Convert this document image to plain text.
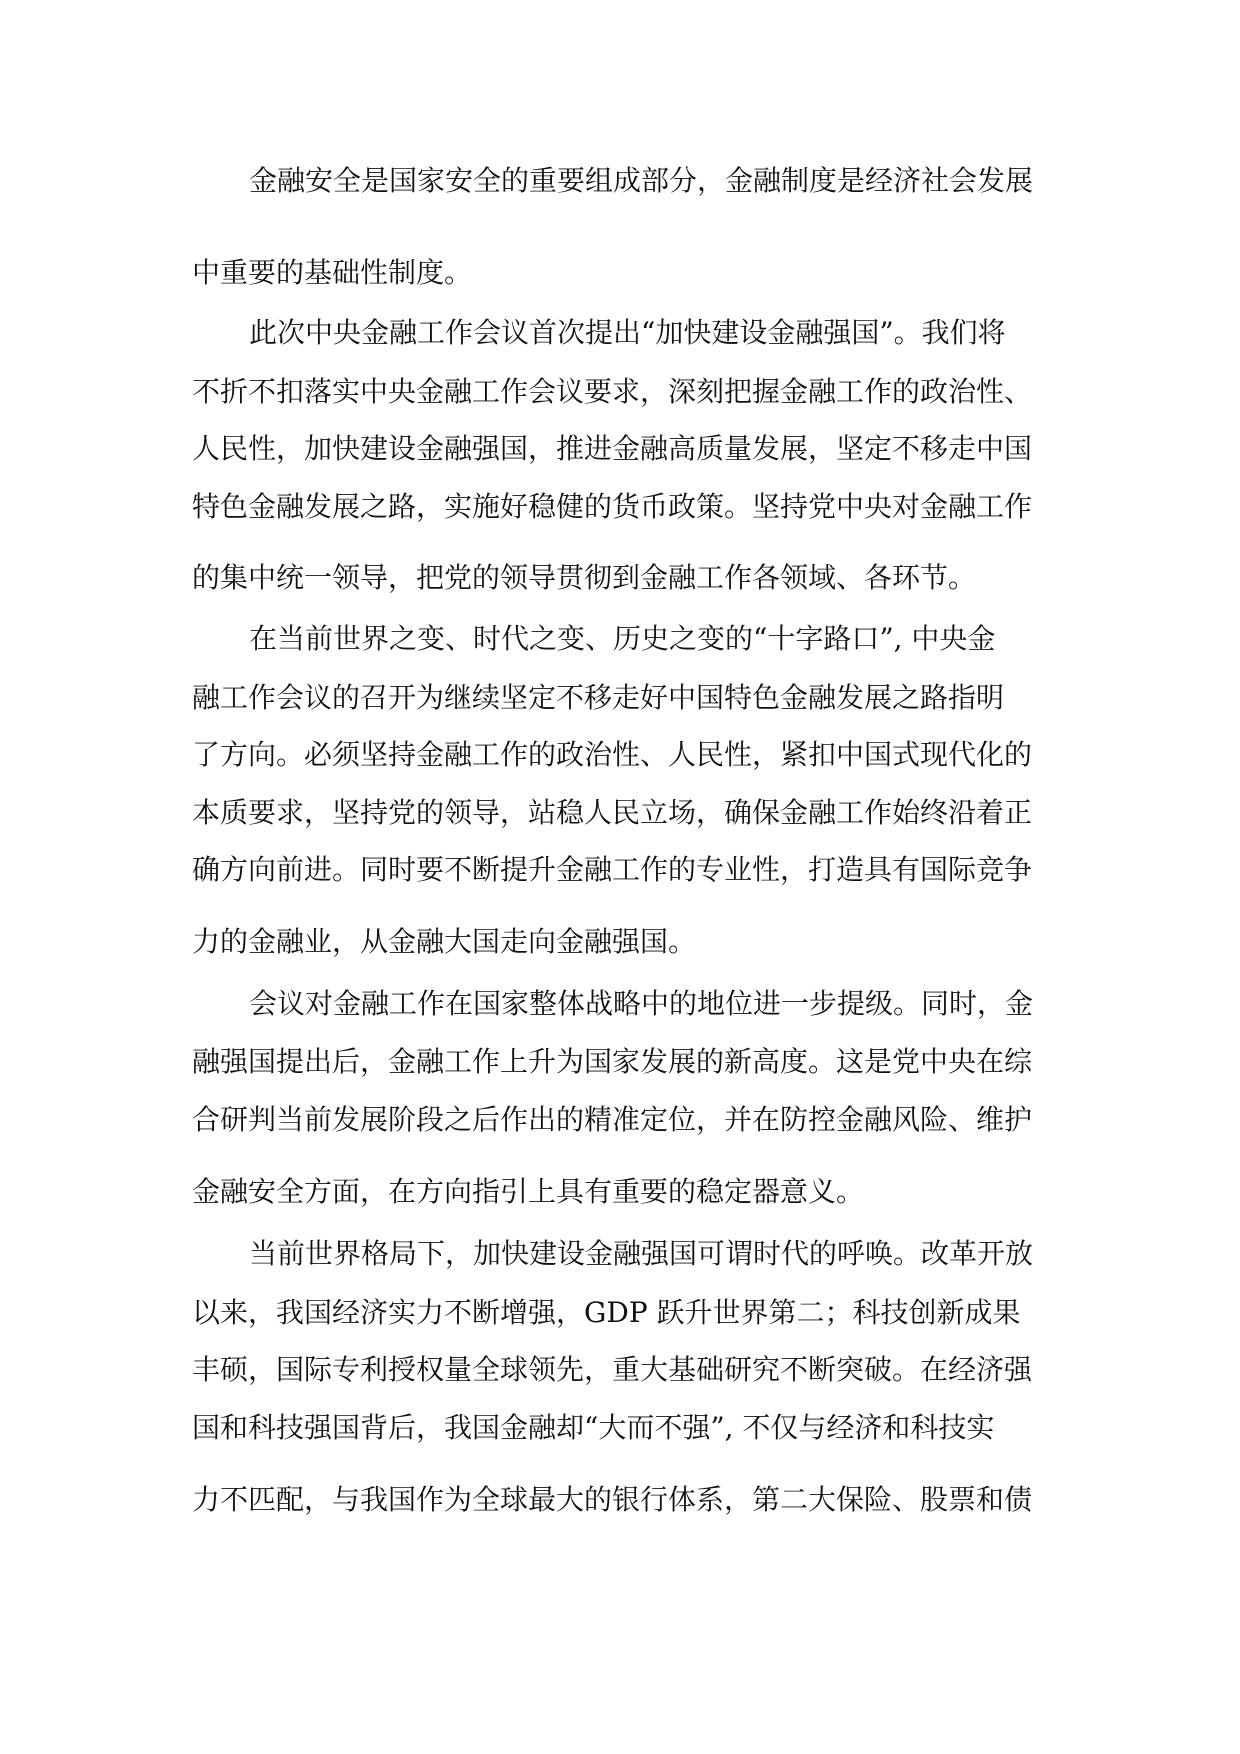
金融安全是国家安全的重要组成部分，金融制度是经济社会发展

中重要的基础性制度。

此次中央金融工作会议首次提出“加快建设金融强国”。我们将

不折不扣落实中央金融工作会议要求，深刻把握金融工作的政治性、

人民性，加快建设金融强国，推进金融高质量发展，坚定不移走中国

特色金融发展之路，实施好稳健的货币政策。坚持党中央对金融工作

的集中统一领导，把党的领导贯彻到金融工作各领域、各环节。

在当前世界之变、时代之变、历史之变的“十字路口”, 中央金

融工作会议的召开为继续坚定不移走好中国特色金融发展之路指明

了方向。必须坚持金融工作的政治性、人民性，紧扣中国式现代化的

本质要求，坚持党的领导，站稳人民立场，确保金融工作始终沿着正

确方向前进。同时要不断提升金融工作的专业性，打造具有国际竞争

力的金融业，从金融大国走向金融强国。

会议对金融工作在国家整体战略中的地位进一步提级。同时，金

融强国提出后，金融工作上升为国家发展的新高度。这是党中央在综

合研判当前发展阶段之后作出的精准定位，并在防控金融风险、维护

金融安全方面，在方向指引上具有重要的稳定器意义。

当前世界格局下，加快建设金融强国可谓时代的呼唤。改革开放

以来，我国经济实力不断增强，GDP 跃升世界第二；科技创新成果

丰硕，国际专利授权量全球领先，重大基础研究不断突破。在经济强

国和科技强国背后，我国金融却“大而不强”, 不仅与经济和科技实

力不匹配，与我国作为全球最大的银行体系，第二大保险、股票和债
